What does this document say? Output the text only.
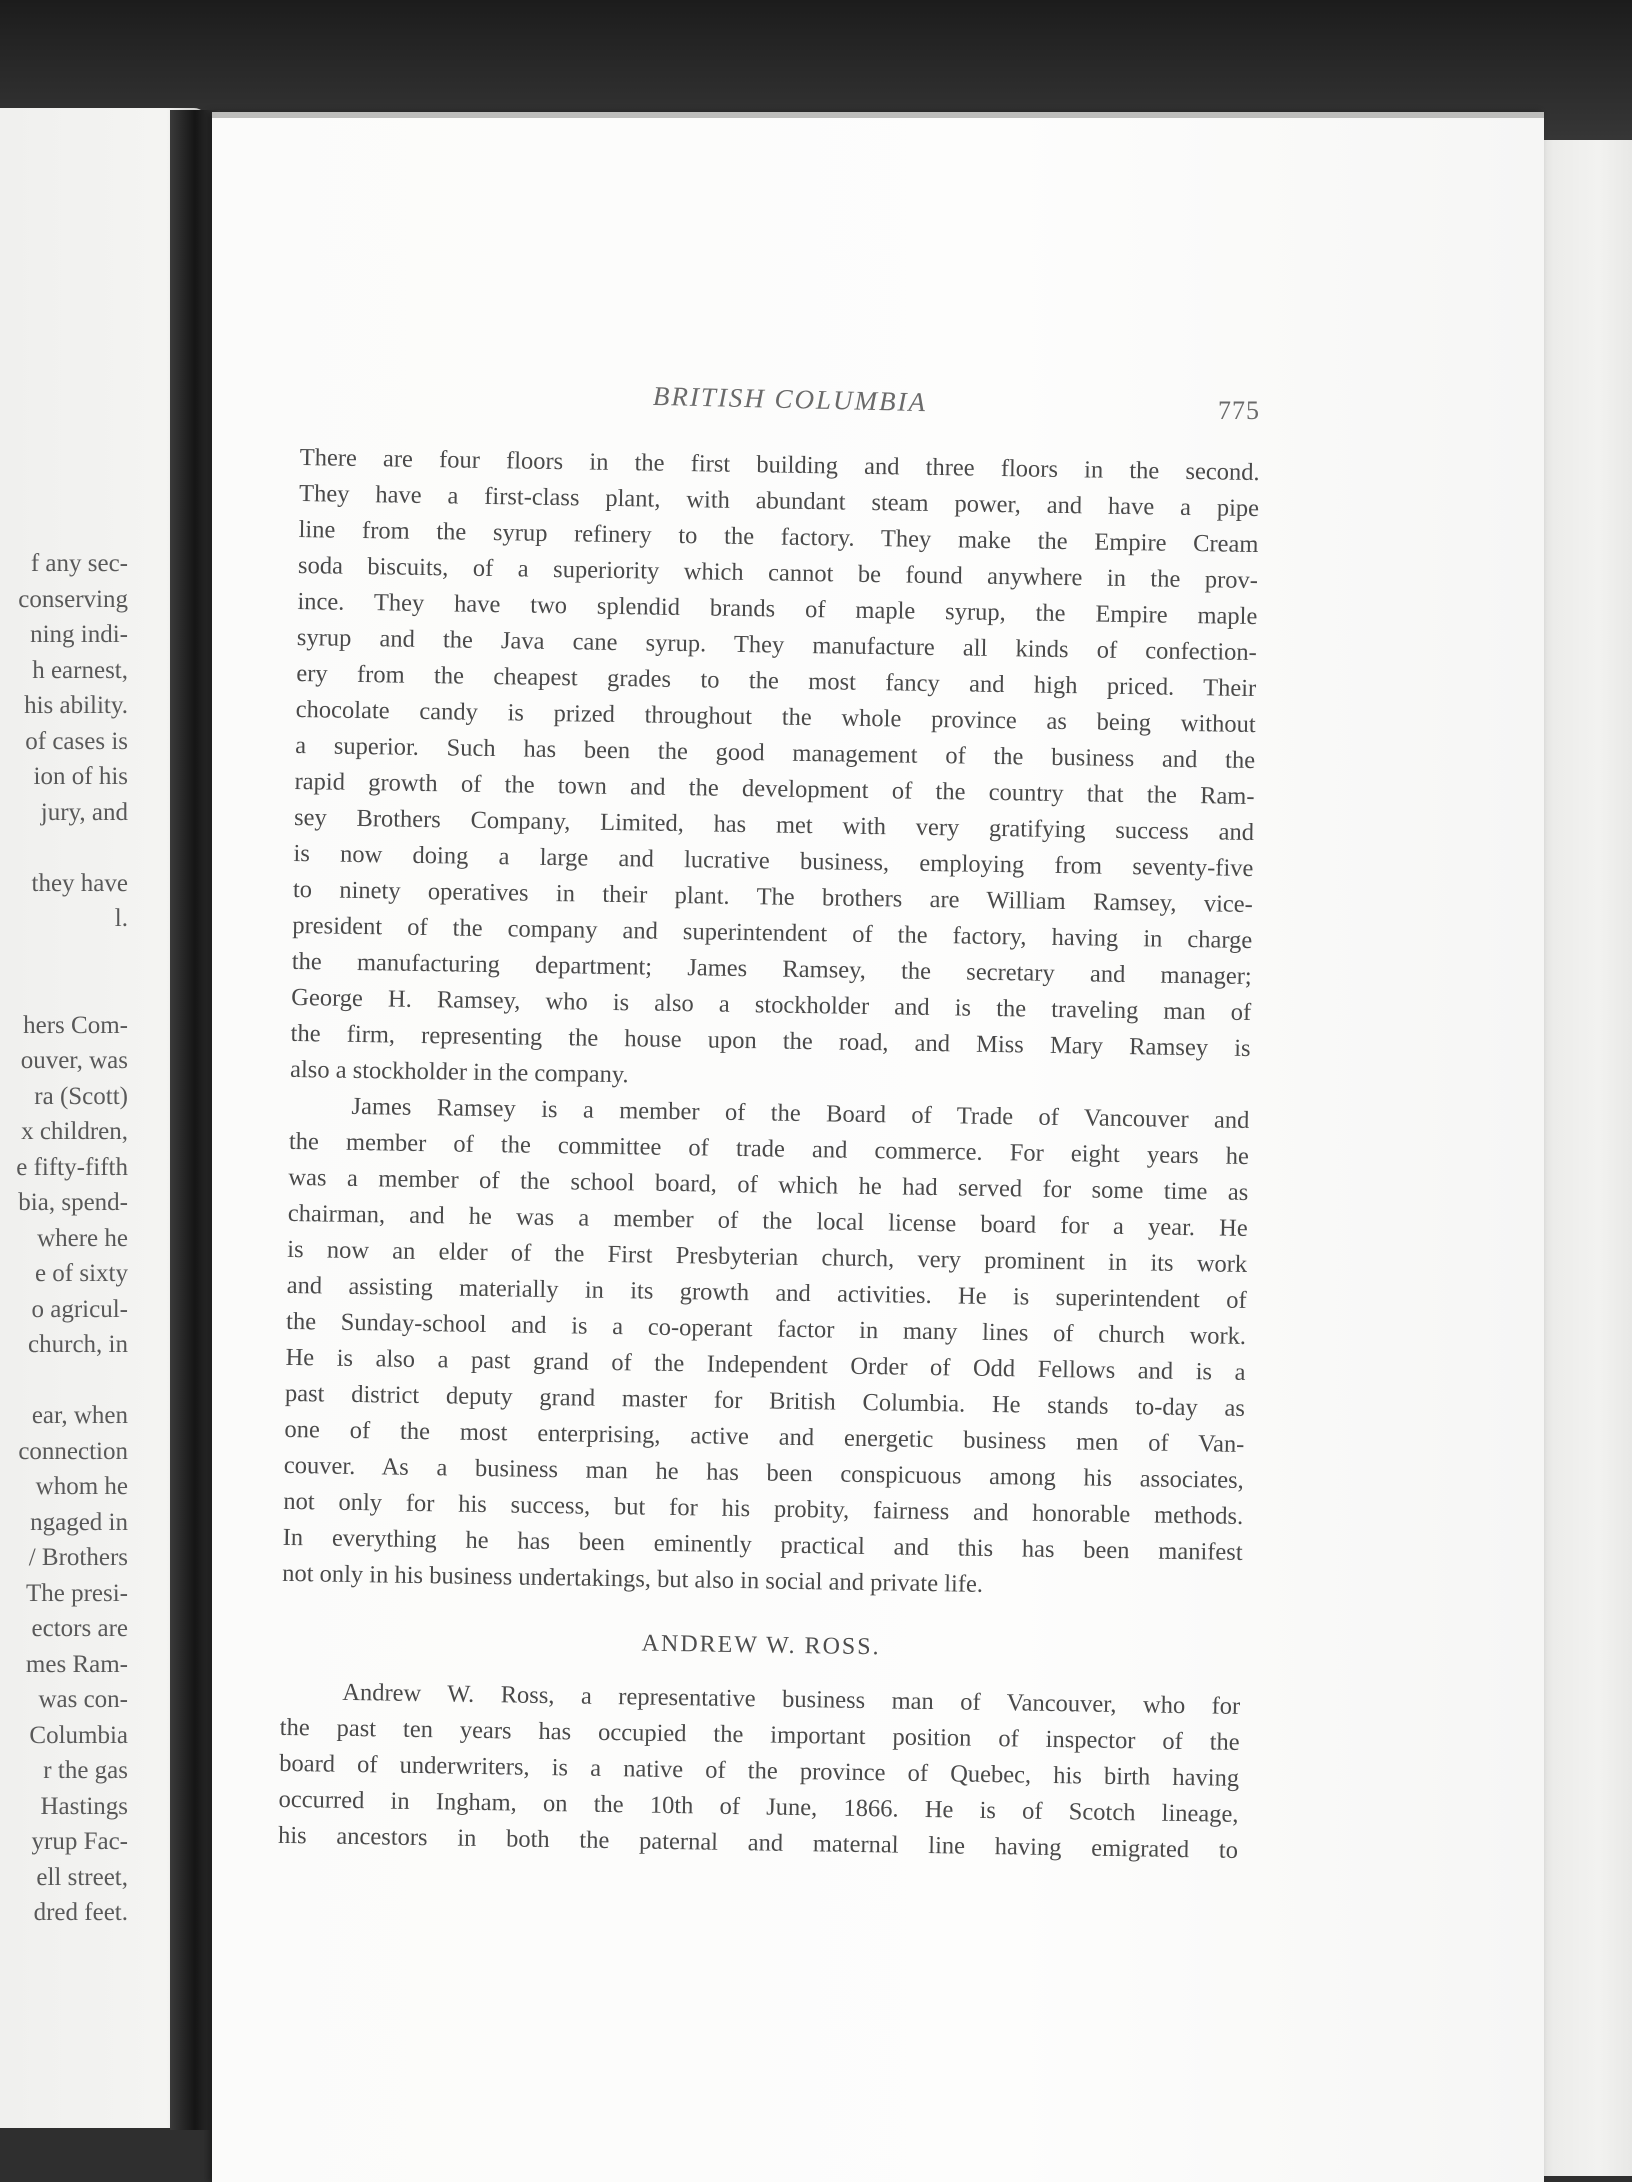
f any sec-
conserving
ning indi-
h earnest,
his ability.
of cases is
ion of his
jury, and
they have
l.
hers Com-
ouver, was
ra (Scott)
x children,
e fifty-fifth
bia, spend-
where he
e of sixty
o agricul-
church, in
ear, when
connection
whom he
ngaged in
/ Brothers
The presi-
ectors are
mes Ram-
was con-
Columbia
r the gas
Hastings
yrup Fac-
ell street,
dred feet.
BRITISH COLUMBIA	775
There are four floors in the first building and three floors in the second.
They have a first-class plant, with abundant steam power, and have a pipe
line from the syrup refinery to the factory. They make the Empire Cream
soda biscuits, of a superiority which cannot be found anywhere in the prov-
ince. They have two splendid brands of maple syrup, the Empire maple
syrup and the Java cane syrup. They manufacture all kinds of confection-
ery from the cheapest grades to the most fancy and high priced. Their
chocolate candy is prized throughout the whole province as being without
a superior. Such has been the good management of the business and the
rapid growth of the town and the development of the country that the Ram-
sey Brothers Company, Limited, has met with very gratifying success and
is now doing a large and lucrative business, employing from seventy-five
to ninety operatives in their plant. The brothers are William Ramsey, vice-
president of the company and superintendent of the factory, having in charge
the manufacturing department; James Ramsey, the secretary and manager;
George H. Ramsey, who is also a stockholder and is the traveling man of
the firm, representing the house upon the road, and Miss Mary Ramsey is
also a stockholder in the company.
James Ramsey is a member of the Board of Trade of Vancouver and
the member of the committee of trade and commerce. For eight years he
was a member of the school board, of which he had served for some time as
chairman, and he was a member of the local license board for a year. He
is now an elder of the First Presbyterian church, very prominent in its work
and assisting materially in its growth and activities. He is superintendent of
the Sunday-school and is a co-operant factor in many lines of church work.
He is also a past grand of the Independent Order of Odd Fellows and is a
past district deputy grand master for British Columbia. He stands to-day as
one of the most enterprising, active and energetic business men of Van-
couver. As a business man he has been conspicuous among his associates,
not only for his success, but for his probity, fairness and honorable methods.
In everything he has been eminently practical and this has been manifest
not only in his business undertakings, but also in social and private life.
ANDREW W. ROSS.
Andrew W. Ross, a representative business man of Vancouver, who for
the past ten years has occupied the important position of inspector of the
board of underwriters, is a native of the province of Quebec, his birth having
occurred in Ingham, on the 10th of June, 1866. He is of Scotch lineage,
his ancestors in both the paternal and maternal line having emigrated to
